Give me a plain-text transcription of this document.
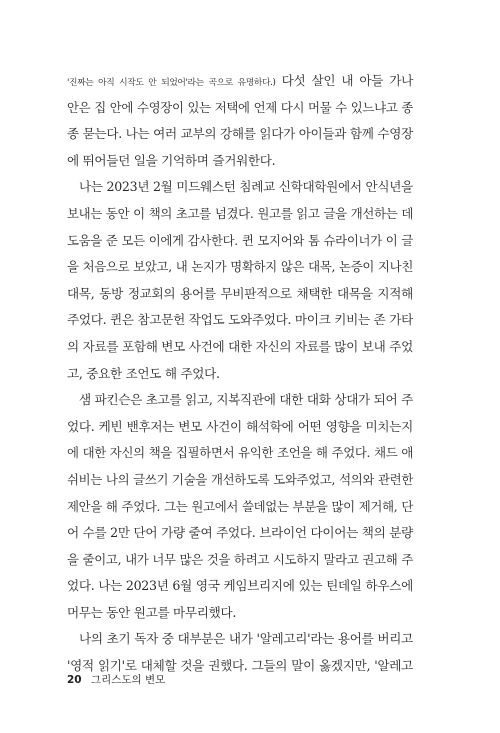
'진짜는 아직 시작도 안 되었어'라는 곡으로 유명하다.) 다섯 살인 내 아들 가나
안은 집 안에 수영장이 있는 저택에 언제 다시 머물 수 있느냐고 종
종 묻는다. 나는 여러 교부의 강해를 읽다가 아이들과 함께 수영장
에 뛰어들던 일을 기억하며 즐거워한다.
나는 2023년 2월 미드웨스턴 침례교 신학대학원에서 안식년을
보내는 동안 이 책의 초고를 넘겼다. 원고를 읽고 글을 개선하는 데
도움을 준 모든 이에게 감사한다. 퀸 모지어와 톰 슈라이너가 이 글
을 처음으로 보았고, 내 논지가 명확하지 않은 대목, 논증이 지나친
대목, 동방 정교회의 용어를 무비판적으로 채택한 대목을 지적해
주었다. 퀸은 참고문헌 작업도 도와주었다. 마이크 키비는 존 가타
의 자료를 포함해 변모 사건에 대한 자신의 자료를 많이 보내 주었
고, 중요한 조언도 해 주었다.
샘 파킨슨은 초고를 읽고, 지복직관에 대한 대화 상대가 되어 주
었다. 케빈 밴후저는 변모 사건이 해석학에 어떤 영향을 미치는지
에 대한 자신의 책을 집필하면서 유익한 조언을 해 주었다. 채드 애
쉬비는 나의 글쓰기 기술을 개선하도록 도와주었고, 석의와 관련한
제안을 해 주었다. 그는 원고에서 쓸데없는 부분을 많이 제거해, 단
어 수를 2만 단어 가량 줄여 주었다. 브라이언 다이어는 책의 분량
을 줄이고, 내가 너무 많은 것을 하려고 시도하지 말라고 권고해 주
었다. 나는 2023년 6월 영국 케임브리지에 있는 틴데일 하우스에
머무는 동안 원고를 마무리했다.
나의 초기 독자 중 대부분은 내가 '알레고리'라는 용어를 버리고
'영적 읽기'로 대체할 것을 권했다. 그들의 말이 옳겠지만, '알레고
20 그리스도의 변모
